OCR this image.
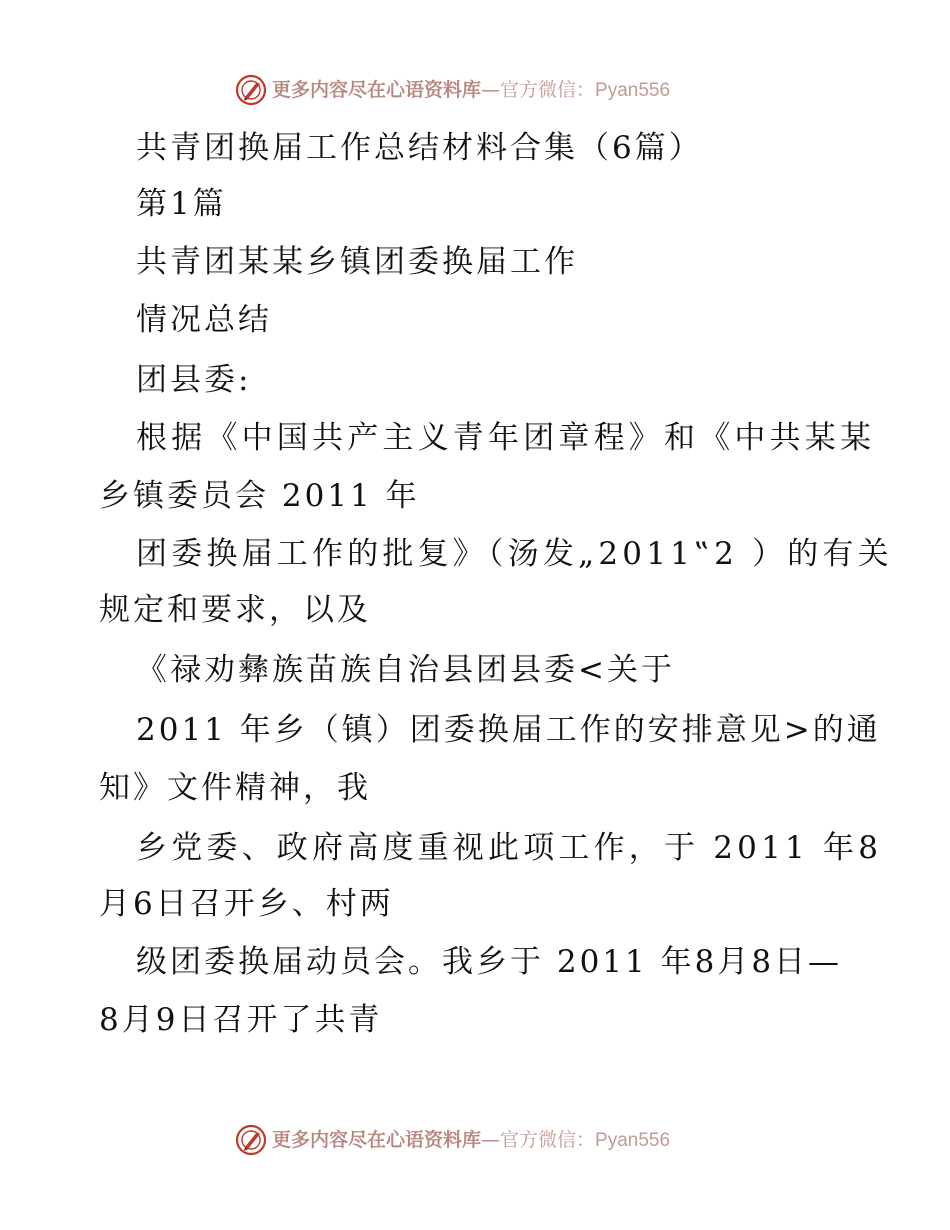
更多内容尽在心语资料库—官方微信：Pyan556
共青团换届工作总结材料合集（6篇）
第1篇
共青团某某乡镇团委换届工作
情况总结
团县委:
根据《中国共产主义青年团章程》和《中共某某
乡镇委员会 2011 年
团委换届工作的批复》（汤发„2011‟2 ）的有关
规定和要求，以及
《禄劝彝族苗族自治县团县委<关于
2011 年乡（镇）团委换届工作的安排意见>的通
知》文件精神，我
乡党委、政府高度重视此项工作，于 2011 年8
月6日召开乡、村两
级团委换届动员会。我乡于 2011 年8月8日—
8月9日召开了共青
更多内容尽在心语资料库—官方微信：Pyan556
